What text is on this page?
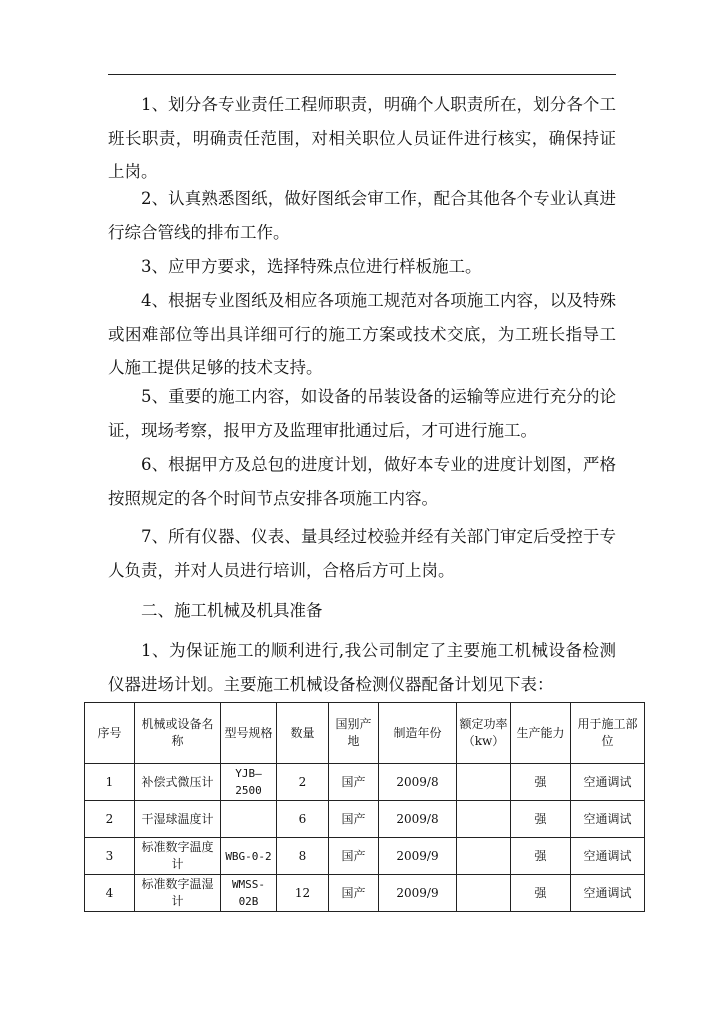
1、划分各专业责任工程师职责，明确个人职责所在，划分各个工班长职责，明确责任范围，对相关职位人员证件进行核实，确保持证上岗。

2、认真熟悉图纸，做好图纸会审工作，配合其他各个专业认真进行综合管线的排布工作。

3、应甲方要求，选择特殊点位进行样板施工。

4、根据专业图纸及相应各项施工规范对各项施工内容，以及特殊或困难部位等出具详细可行的施工方案或技术交底，为工班长指导工人施工提供足够的技术支持。

5、重要的施工内容，如设备的吊装设备的运输等应进行充分的论证，现场考察，报甲方及监理审批通过后，才可进行施工。

6、根据甲方及总包的进度计划，做好本专业的进度计划图，严格按照规定的各个时间节点安排各项施工内容。

7、所有仪器、仪表、量具经过校验并经有关部门审定后受控于专人负责，并对人员进行培训，合格后方可上岗。

二、施工机械及机具准备

1、为保证施工的顺利进行,我公司制定了主要施工机械设备检测仪器进场计划。主要施工机械设备检测仪器配备计划见下表：

序号	机械或设备名称	型号规格	数量	国别产地	制造年份	额定功率（kw）	生产能力	用于施工部位
1	补偿式微压计	YJB—2500	2	国产	2009/8		强	空通调试
2	干湿球温度计		6	国产	2009/8		强	空通调试
3	标准数字温度计	WBG-0-2	8	国产	2009/9		强	空通调试
4	标准数字温湿计	WMSS-02B	12	国产	2009/9		强	空通调试
